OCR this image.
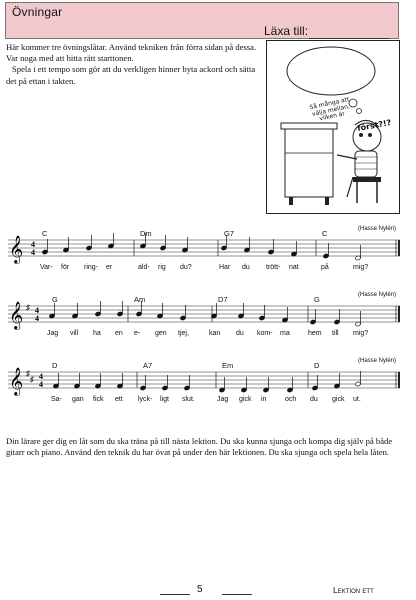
Övningar
Läxa till:

Här kommer tre övningslåtar. Använd tekniken från förra sidan på dessa. Var noga med att hitta rätt starttonen.

Spela i ett tempo som gör att du verkligen hinner byta ackord och sätta det på ettan i takten.

Så många att välja mellan, vilken är
först?!?
𝄞 4
4
(Hasse Nylén)
C	Dm	G7	C
Var- för ring- er	ald- rig du?	Har du trött- nat	på	mig?
𝄞 ♯ 4
4
(Hasse Nylén)
G	Am	D7	G
Jag vill ha en e- gen tjej,	kan du kom- ma	hem till mig?
𝄞 ♯
♯ 4
4
(Hasse Nylén)
D	A7	Em	D
Sa- gan fick ett lyck- ligt slut.	Jag gick in	och du gick ut.

Din lärare ger dig en låt som du ska träna på till nästa lektion. Du ska kunna sjunga och kompa dig själv på både gitarr och piano. Använd den teknik du har övat på under den här lektionen. Du ska sjunga och spela hela låten.

5	Lektion ett
